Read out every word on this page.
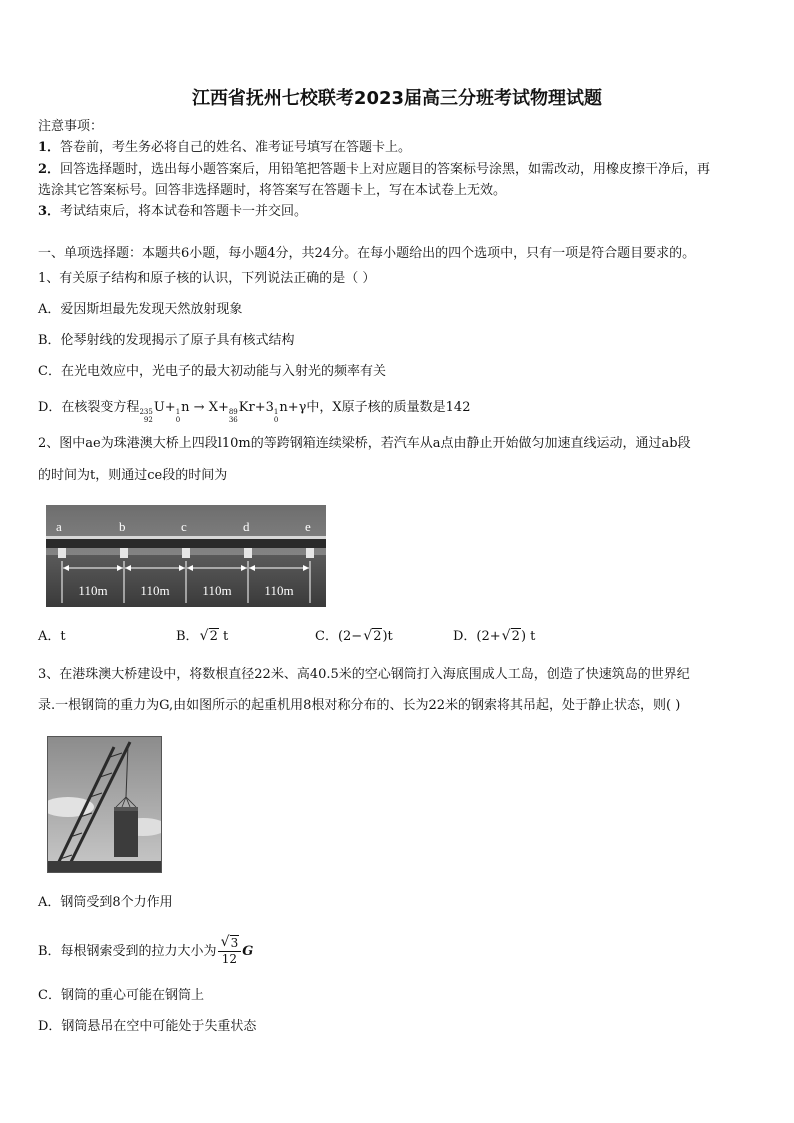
江西省抚州七校联考2023届高三分班考试物理试题
注意事项：
1．答卷前，考生务必将自己的姓名、准考证号填写在答题卡上。
2．回答选择题时，选出每小题答案后，用铅笔把答题卡上对应题目的答案标号涂黑，如需改动，用橡皮擦干净后，再
选涂其它答案标号。回答非选择题时，将答案写在答题卡上，写在本试卷上无效。
3．考试结束后，将本试卷和答题卡一并交回。
一、单项选择题：本题共6小题，每小题4分，共24分。在每小题给出的四个选项中，只有一项是符合题目要求的。
1、有关原子结构和原子核的认识，下列说法正确的是（ ）
A．爱因斯坦最先发现天然放射现象
B．伦琴射线的发现揭示了原子具有核式结构
C．在光电效应中，光电子的最大初动能与入射光的频率有关
D．在核裂变方程 235
92
U+ 1
0
n → X+ 89
36
Kr+3 1
0
n+γ中，X原子核的质量数是142
2、图中ae为珠港澳大桥上四段l10m的等跨钢箱连续梁桥，若汽车从a点由静止开始做匀加速直线运动，通过ab段
的时间为t，则通过ce段的时间为
a	b	c	d	e
110m	110m	110m	110m
A．t	B． √ 2 t	C．(2− √ 2)t	D．(2+ √ 2) t
3、在港珠澳大桥建设中，将数根直径22米、高40.5米的空心钢筒打入海底围成人工岛，创造了快速筑岛的世界纪
录.一根钢筒的重力为G,由如图所示的起重机用8根对称分布的、长为22米的钢索将其吊起，处于静止状态，则( )
A．钢筒受到8个力作用
B．每根钢索受到的拉力大小为 √ $\frac{3}{12}$ G
C．钢筒的重心可能在钢筒上
D．钢筒悬吊在空中可能处于失重状态
